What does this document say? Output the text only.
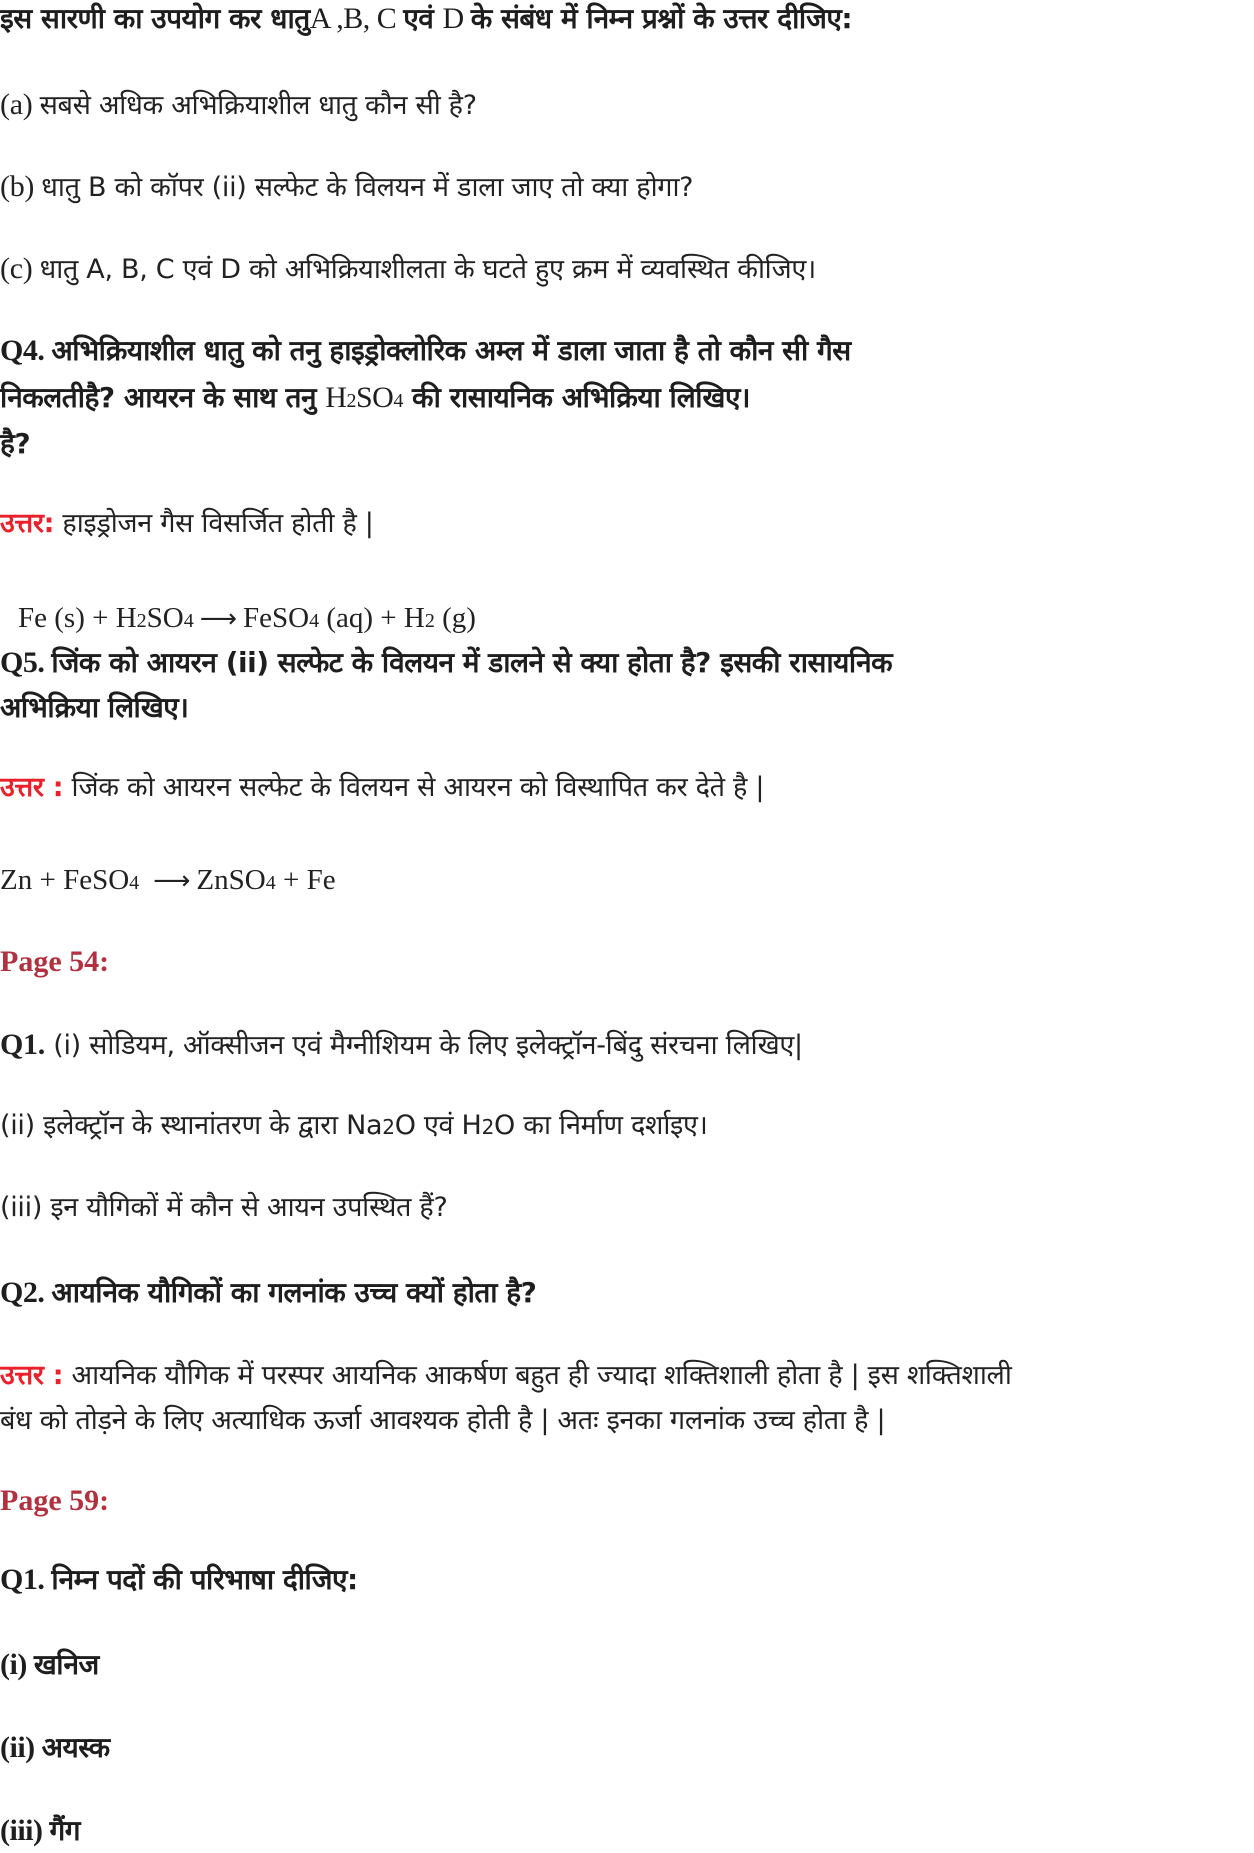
इस सारणी का उपयोग कर धातुA ,B, C एवं D के संबंध में निम्न प्रश्नों के उत्तर दीजिए:
(a) सबसे अधिक अभिक्रियाशील धातु कौन सी है?
(b) धातु B को कॉपर (ii) सल्फेट के विलयन में डाला जाए तो क्या होगा?
(c) धातु A, B, C एवं D को अभिक्रियाशीलता के घटते हुए क्रम में व्यवस्थित कीजिए।
Q4. अभिक्रियाशील धातु को तनु हाइड्रोक्लोरिक अम्ल में डाला जाता है तो कौन सी गैस
निकलतीहै? आयरन के साथ तनु H2SO4 की रासायनिक अभिक्रिया लिखिए।
है?
उत्तर: हाइड्रोजन गैस विसर्जित होती है |
Fe (s) + H2SO4 ⟶ FeSO4 (aq) + H2 (g)
Q5. जिंक को आयरन (ii) सल्फेट के विलयन में डालने से क्या होता है? इसकी रासायनिक
अभिक्रिया लिखिए।
उत्तर : जिंक को आयरन सल्फेट के विलयन से आयरन को विस्थापित कर देते है |
Zn + FeSO4 ⟶ ZnSO4 + Fe
Page 54:
Q1. (i) सोडियम, ऑक्सीजन एवं मैग्नीशियम के लिए इलेक्ट्रॉन-बिंदु संरचना लिखिए|
(ii) इलेक्ट्रॉन के स्थानांतरण के द्वारा Na2O एवं H2O का निर्माण दर्शाइए।
(iii) इन यौगिकों में कौन से आयन उपस्थित हैं?
Q2. आयनिक यौगिकों का गलनांक उच्च क्यों होता है?
उत्तर : आयनिक यौगिक में परस्पर आयनिक आकर्षण बहुत ही ज्यादा शक्तिशाली होता है | इस शक्तिशाली
बंध को तोड़ने के लिए अत्याधिक ऊर्जा आवश्यक होती है | अतः इनका गलनांक उच्च होता है |
Page 59:
Q1. निम्न पदों की परिभाषा दीजिए:
(i) खनिज
(ii) अयस्क
(iii) गैंग
